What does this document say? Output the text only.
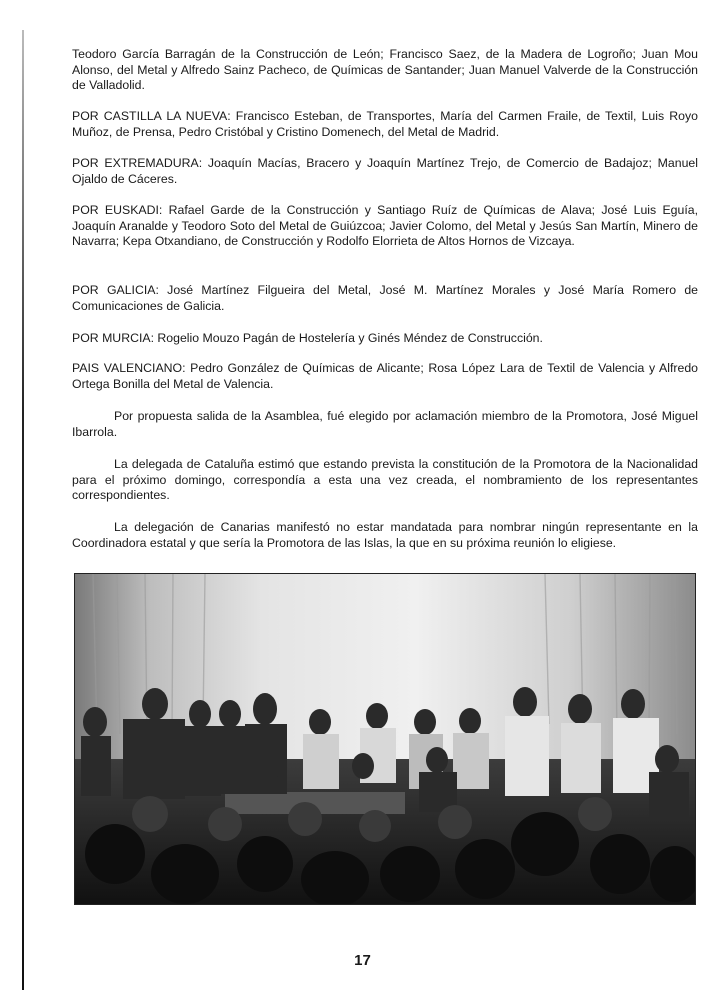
Teodoro García Barragán de la Construcción de León; Francisco Saez, de la Madera de Logroño; Juan Mou Alonso, del Metal y Alfredo Sainz Pacheco, de Químicas de Santander; Juan Manuel Valverde de la Construcción de Valladolid.

POR CASTILLA LA NUEVA: Francisco Esteban, de Transportes, María del Carmen Fraile, de Textil, Luis Royo Muñoz, de Prensa, Pedro Cristóbal y Cristino Domenech, del Metal de Madrid.

POR EXTREMADURA: Joaquín Macías, Bracero y Joaquín Martínez Trejo, de Comercio de Badajoz; Manuel Ojaldo de Cáceres.

POR EUSKADI: Rafael Garde de la Construcción y Santiago Ruíz de Químicas de Alava; José Luis Eguía, Joaquín Aranalde y Teodoro Soto del Metal de Guiúzcoa; Javier Colomo, del Metal y Jesús San Martín, Minero de Navarra; Kepa Otxandiano, de Construcción y Rodolfo Elorrieta de Altos Hornos de Vizcaya.

POR GALICIA: José Martínez Filgueira del Metal, José M. Martínez Morales y José María Romero de Comunicaciones de Galicia.

POR MURCIA: Rogelio Mouzo Pagán de Hostelería y Ginés Méndez de Construcción.

PAIS VALENCIANO: Pedro González de Químicas de Alicante; Rosa López Lara de Textil de Valencia y Alfredo Ortega Bonilla del Metal de Valencia.

Por propuesta salida de la Asamblea, fué elegido por aclamación miembro de la Promotora, José Miguel Ibarrola.

La delegada de Cataluña estimó que estando prevista la constitución de la Promotora de la Nacionalidad para el próximo domingo, correspondía a esta una vez creada, el nombramiento de los representantes correspondientes.

La delegación de Canarias manifestó no estar mandatada para nombrar ningún representante en la Coordinadora estatal y que sería la Promotora de las Islas, la que en su próxima reunión lo eligiese.

17
